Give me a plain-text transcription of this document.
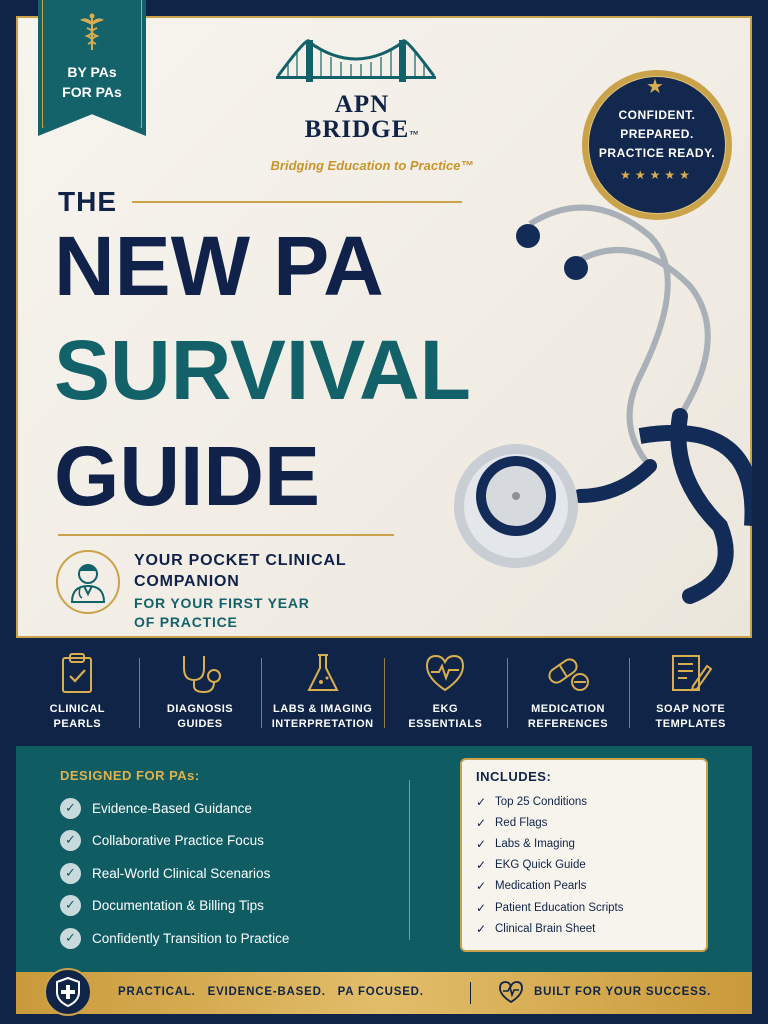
BY PAs
FOR PAs	APN
BRIDGE™
Bridging Education to Practice™
★
CONFIDENT.
PREPARED.
PRACTICE READY.
★★★★★
THE
NEW PA
SURVIVAL
GUIDE
YOUR POCKET CLINICAL
COMPANION
FOR YOUR FIRST YEAR
OF PRACTICE
CLINICAL
PEARLS
DIAGNOSIS
GUIDES
LABS & IMAGING
INTERPRETATION
EKG
ESSENTIALS
MEDICATION
REFERENCES
SOAP NOTE
TEMPLATES
DESIGNED FOR PAs:
✓	Evidence-Based Guidance
✓	Collaborative Practice Focus
✓	Real-World Clinical Scenarios
✓	Documentation & Billing Tips
✓	Confidently Transition to Practice
INCLUDES:
✓ Top 25 Conditions
✓ Red Flags
✓ Labs & Imaging
✓ EKG Quick Guide
✓ Medication Pearls
✓ Patient Education Scripts
✓ Clinical Brain Sheet
PRACTICAL.   EVIDENCE-BASED.   PA FOCUSED.	BUILT FOR YOUR SUCCESS.
